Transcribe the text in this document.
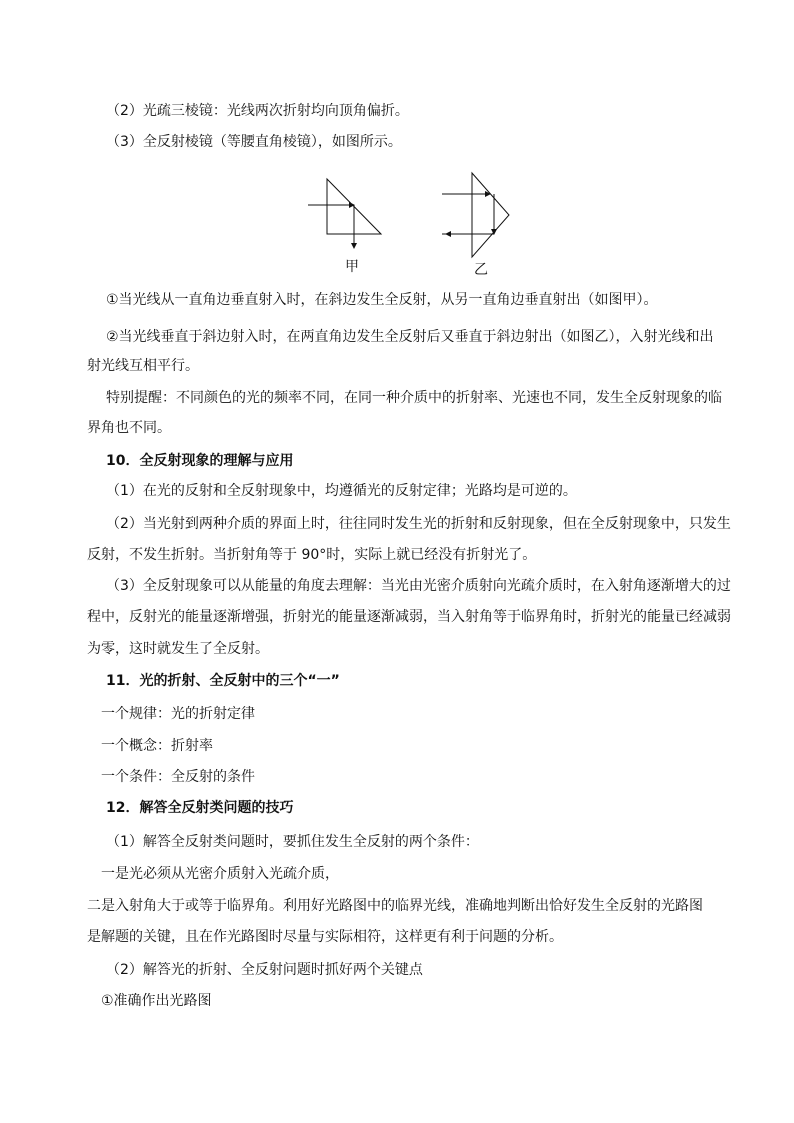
（2）光疏三棱镜：光线两次折射均向顶角偏折。
（3）全反射棱镜（等腰直角棱镜），如图所示。
甲	乙
①当光线从一直角边垂直射入时，在斜边发生全反射，从另一直角边垂直射出（如图甲）。
②当光线垂直于斜边射入时，在两直角边发生全反射后又垂直于斜边射出（如图乙），入射光线和出
射光线互相平行。
特别提醒：不同颜色的光的频率不同，在同一种介质中的折射率、光速也不同，发生全反射现象的临
界角也不同。
10．全反射现象的理解与应用
（1）在光的反射和全反射现象中，均遵循光的反射定律；光路均是可逆的。
（2）当光射到两种介质的界面上时，往往同时发生光的折射和反射现象，但在全反射现象中，只发生
反射，不发生折射。当折射角等于 90°时，实际上就已经没有折射光了。
（3）全反射现象可以从能量的角度去理解：当光由光密介质射向光疏介质时，在入射角逐渐增大的过
程中，反射光的能量逐渐增强，折射光的能量逐渐减弱，当入射角等于临界角时，折射光的能量已经减弱
为零，这时就发生了全反射。
11．光的折射、全反射中的三个“一”
一个规律：光的折射定律
一个概念：折射率
一个条件：全反射的条件
12．解答全反射类问题的技巧
（1）解答全反射类问题时，要抓住发生全反射的两个条件：
一是光必须从光密介质射入光疏介质，
二是入射角大于或等于临界角。利用好光路图中的临界光线，准确地判断出恰好发生全反射的光路图
是解题的关键，且在作光路图时尽量与实际相符，这样更有利于问题的分析。
（2）解答光的折射、全反射问题时抓好两个关键点
①准确作出光路图
